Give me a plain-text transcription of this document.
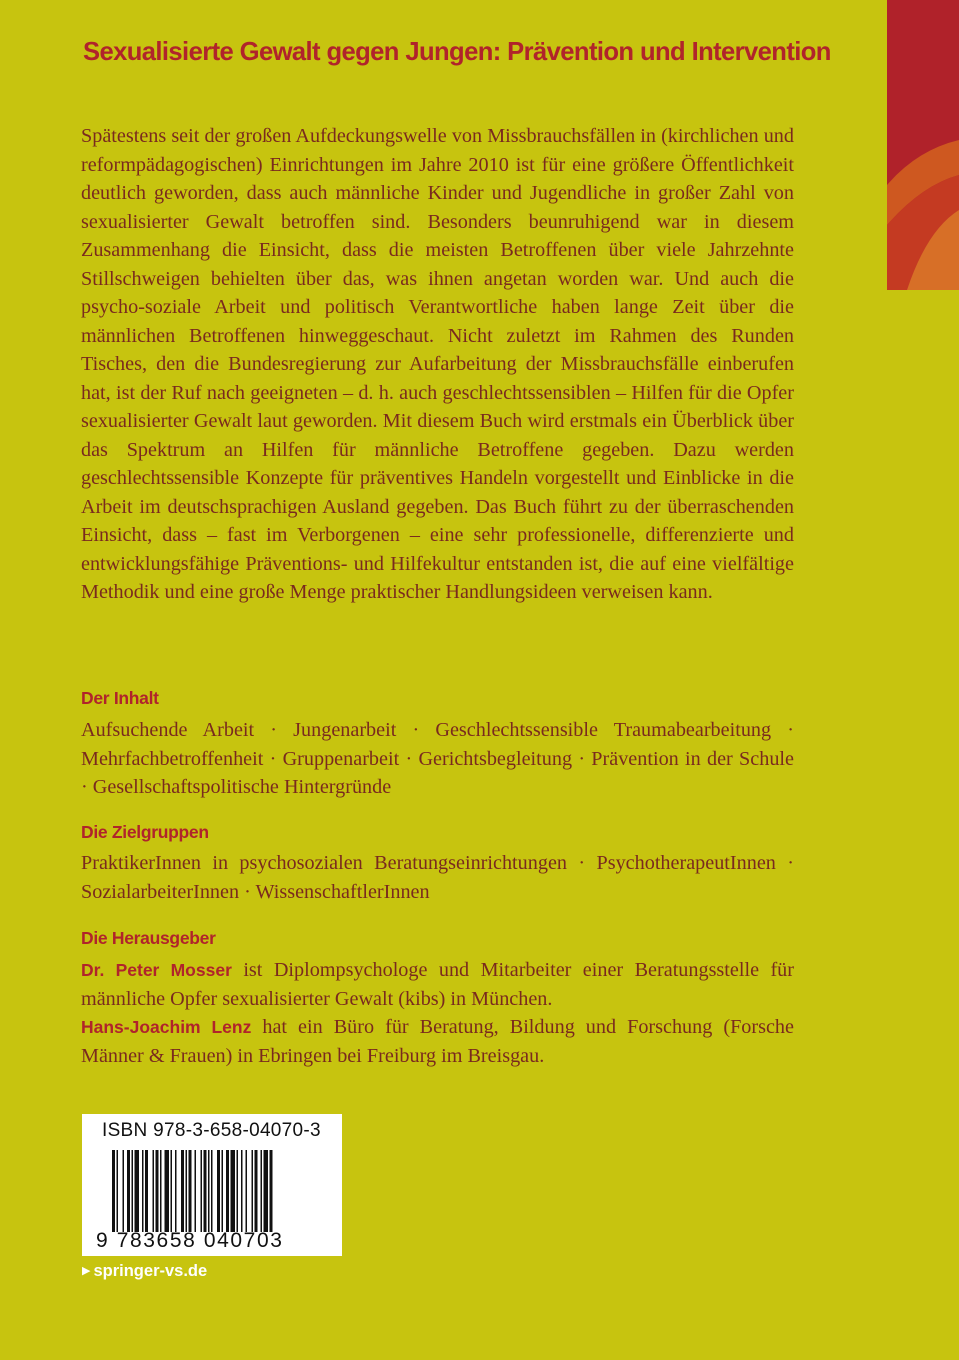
Sexualisierte Gewalt gegen Jungen: Prävention und Intervention

Spätestens seit der großen Aufdeckungswelle von Missbrauchsfällen in (kirchlichen und reformpädagogischen) Einrichtungen im Jahre 2010 ist für eine größere Öffentlichkeit deutlich geworden, dass auch männliche Kinder und Jugendliche in großer Zahl von sexualisierter Gewalt betroffen sind. Besonders beunruhigend war in diesem Zusammenhang die Einsicht, dass die meisten Betroffenen über viele Jahrzehnte Stillschweigen behielten über das, was ihnen angetan worden war. Und auch die psycho-soziale Arbeit und politisch Verantwortliche haben lange Zeit über die männlichen Betroffenen hinweggeschaut. Nicht zuletzt im Rahmen des Runden Tisches, den die Bundesregierung zur Aufarbeitung der Missbrauchsfälle einberufen hat, ist der Ruf nach geeigneten – d. h. auch geschlechtssensiblen – Hilfen für die Opfer sexualisierter Gewalt laut geworden. Mit diesem Buch wird erstmals ein Überblick über das Spektrum an Hilfen für männliche Betroffene gegeben. Dazu werden geschlechtssensible Konzepte für präventives Handeln vorgestellt und Einblicke in die Arbeit im deutschsprachigen Ausland gegeben. Das Buch führt zu der überraschenden Einsicht, dass – fast im Verborgenen – eine sehr professionelle, differenzierte und entwicklungsfähige Präventions- und Hilfekultur entstanden ist, die auf eine vielfältige Methodik und eine große Menge praktischer Handlungsideen verweisen kann.

Der Inhalt

Aufsuchende Arbeit · Jungenarbeit · Geschlechtssensible Traumabearbeitung · Mehrfachbetroffenheit · Gruppenarbeit · Gerichtsbegleitung · Prävention in der Schule · Gesellschaftspolitische Hintergründe

Die Zielgruppen

PraktikerInnen in psychosozialen Beratungseinrichtungen · PsychotherapeutInnen · SozialarbeiterInnen · WissenschaftlerInnen

Die Herausgeber

Dr. Peter Mosser ist Diplompsychologe und Mitarbeiter einer Beratungsstelle für männliche Opfer sexualisierter Gewalt (kibs) in München.

Hans-Joachim Lenz hat ein Büro für Beratung, Bildung und Forschung (Forsche Männer & Frauen) in Ebringen bei Freiburg im Breisgau.

ISBN 978-3-658-04070-3
9 783658 040703
▶ springer-vs.de
